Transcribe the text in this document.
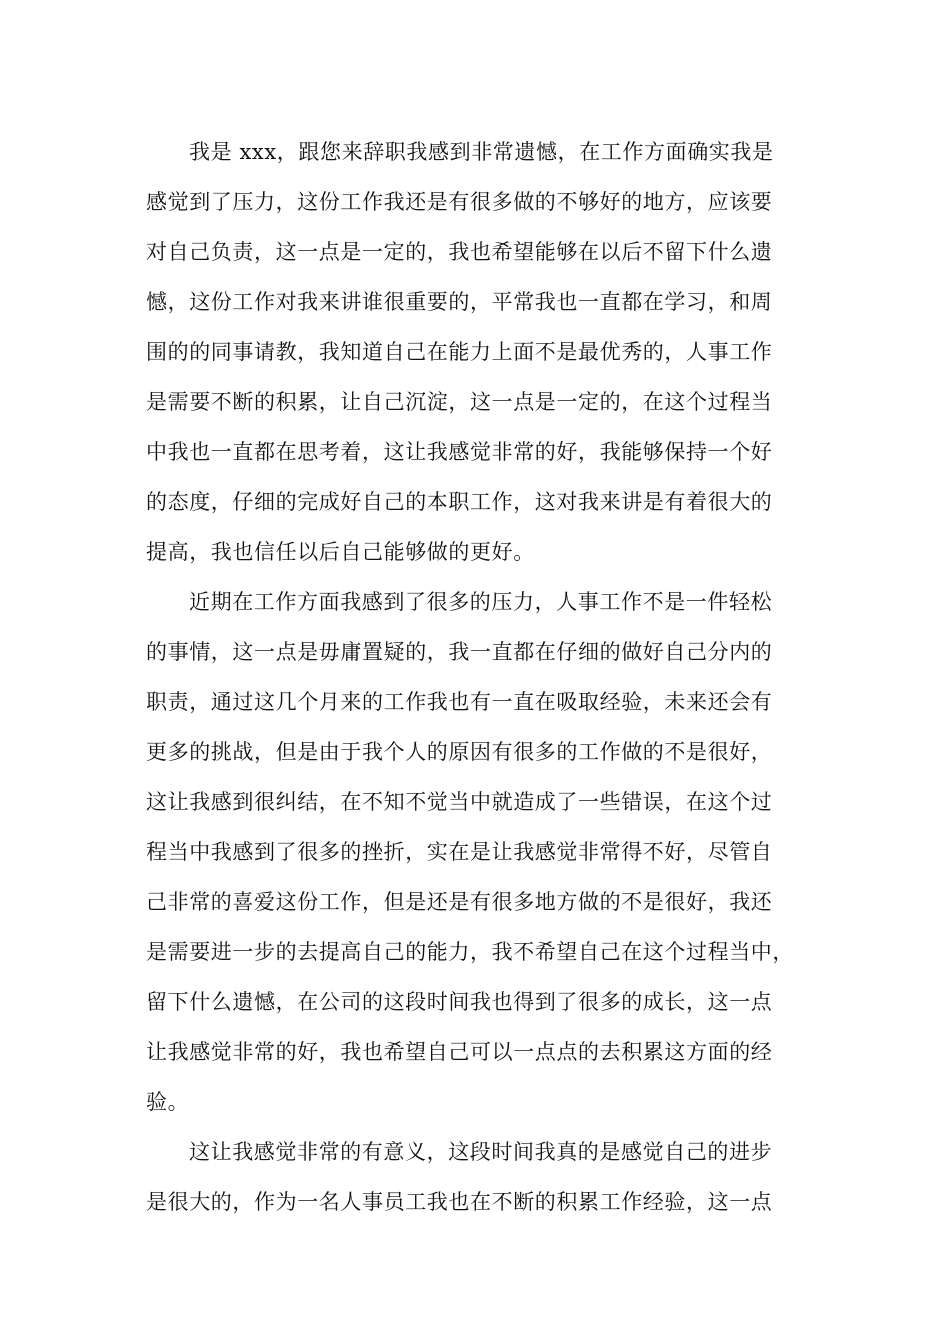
我是 xxx，跟您来辞职我感到非常遗憾，在工作方面确实我是
感觉到了压力，这份工作我还是有很多做的不够好的地方，应该要
对自己负责，这一点是一定的，我也希望能够在以后不留下什么遗
憾，这份工作对我来讲谁很重要的，平常我也一直都在学习，和周
围的的同事请教，我知道自己在能力上面不是最优秀的，人事工作
是需要不断的积累，让自己沉淀，这一点是一定的，在这个过程当
中我也一直都在思考着，这让我感觉非常的好，我能够保持一个好
的态度，仔细的完成好自己的本职工作，这对我来讲是有着很大的
提高，我也信任以后自己能够做的更好。
近期在工作方面我感到了很多的压力，人事工作不是一件轻松
的事情，这一点是毋庸置疑的，我一直都在仔细的做好自己分内的
职责，通过这几个月来的工作我也有一直在吸取经验，未来还会有
更多的挑战，但是由于我个人的原因有很多的工作做的不是很好，
这让我感到很纠结，在不知不觉当中就造成了一些错误，在这个过
程当中我感到了很多的挫折，实在是让我感觉非常得不好，尽管自
己非常的喜爱这份工作，但是还是有很多地方做的不是很好，我还
是需要进一步的去提高自己的能力，我不希望自己在这个过程当中，
留下什么遗憾，在公司的这段时间我也得到了很多的成长，这一点
让我感觉非常的好，我也希望自己可以一点点的去积累这方面的经
验。
这让我感觉非常的有意义，这段时间我真的是感觉自己的进步
是很大的，作为一名人事员工我也在不断的积累工作经验，这一点
